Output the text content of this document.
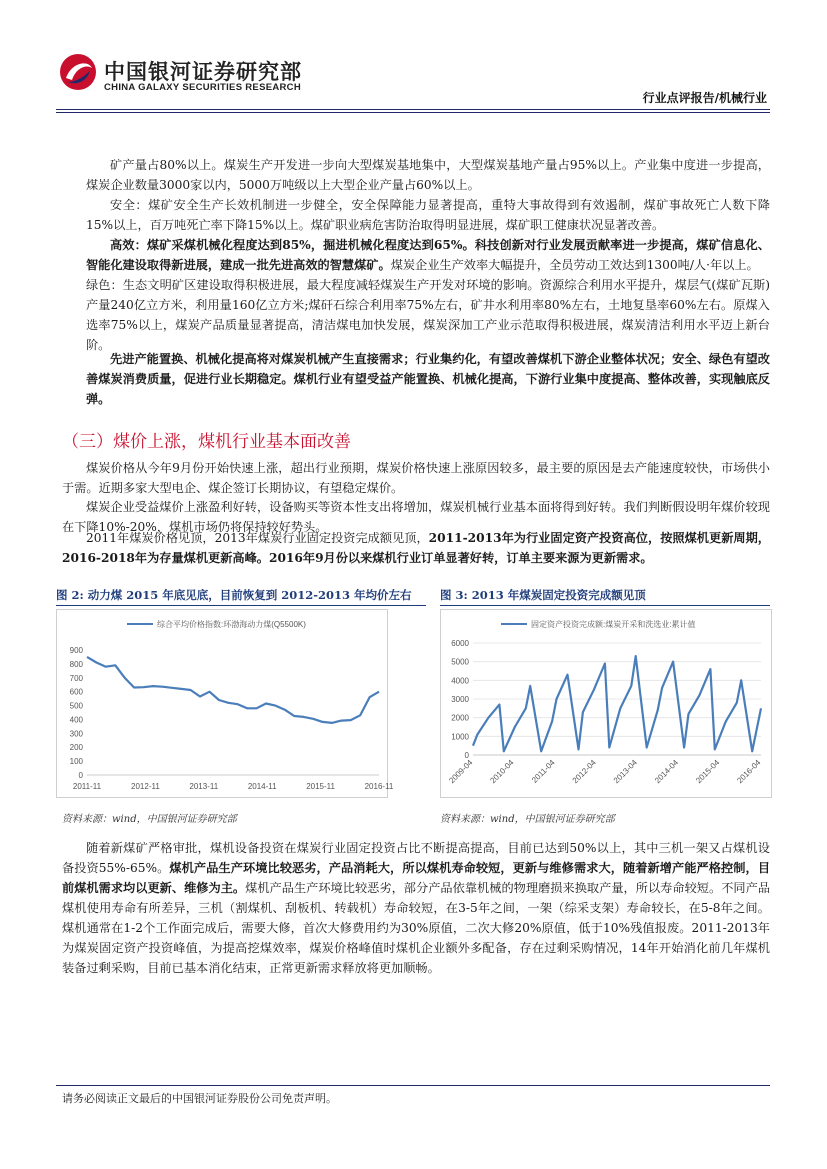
中国银河证券研究部
CHINA GALAXY SECURITIES RESEARCH
行业点评报告/机械行业

矿产量占80%以上。煤炭生产开发进一步向大型煤炭基地集中，大型煤炭基地产量占95%以上。产业集中度进一步提高，煤炭企业数量3000家以内，5000万吨级以上大型企业产量占60%以上。

安全：煤矿安全生产长效机制进一步健全，安全保障能力显著提高，重特大事故得到有效遏制，煤矿事故死亡人数下降15%以上，百万吨死亡率下降15%以上。煤矿职业病危害防治取得明显进展，煤矿职工健康状况显著改善。

高效：煤矿采煤机械化程度达到85%，掘进机械化程度达到65%。科技创新对行业发展贡献率进一步提高，煤矿信息化、智能化建设取得新进展，建成一批先进高效的智慧煤矿。煤炭企业生产效率大幅提升，全员劳动工效达到1300吨/人·年以上。

绿色：生态文明矿区建设取得积极进展，最大程度减轻煤炭生产开发对环境的影响。资源综合利用水平提升，煤层气(煤矿瓦斯)产量240亿立方米，利用量160亿立方米;煤矸石综合利用率75%左右，矿井水利用率80%左右，土地复垦率60%左右。原煤入选率75%以上，煤炭产品质量显著提高，清洁煤电加快发展，煤炭深加工产业示范取得积极进展，煤炭清洁利用水平迈上新台阶。

先进产能置换、机械化提高将对煤炭机械产生直接需求；行业集约化，有望改善煤机下游企业整体状况；安全、绿色有望改善煤炭消费质量，促进行业长期稳定。煤机行业有望受益产能置换、机械化提高，下游行业集中度提高、整体改善，实现触底反弹。

（三）煤价上涨，煤机行业基本面改善

煤炭价格从今年9月份开始快速上涨，超出行业预期，煤炭价格快速上涨原因较多，最主要的原因是去产能速度较快，市场供小于需。近期多家大型电企、煤企签订长期协议，有望稳定煤价。

煤炭企业受益煤价上涨盈利好转，设备购买等资本性支出将增加，煤炭机械行业基本面将得到好转。我们判断假设明年煤价较现在下降10%-20%，煤机市场仍将保持较好势头。

2011年煤炭价格见顶，2013年煤炭行业固定投资完成额见顶，2011-2013年为行业固定资产投资高位，按照煤机更新周期，2016-2018年为存量煤机更新高峰。2016年9月份以来煤机行业订单显著好转，订单主要来源为更新需求。

图 2: 动力煤 2015 年底见底，目前恢复到 2012-2013 年均价左右 图 3: 2013 年煤炭固定投资完成额见顶
综合平均价格指数:环渤海动力煤(Q5500K)
0
100
200
300
400
500
600
700
800
900
2011-11	2012-11	2013-11	2014-11	2015-11	2016-11
固定资产投资完成额:煤炭开采和洗选业:累计值
0
1000
2000
3000
4000
5000
6000
2009-04 2010-04 2011-04 2012-04 2013-04 2014-04 2015-04 2016-04
资料来源：wind，中国银河证券研究部	资料来源：wind，中国银河证券研究部

随着新煤矿严格审批，煤机设备投资在煤炭行业固定投资占比不断提高提高，目前已达到50%以上，其中三机一架又占煤机设备投资55%-65%。煤机产品生产环境比较恶劣，产品消耗大，所以煤机寿命较短，更新与维修需求大，随着新增产能严格控制，目前煤机需求均以更新、维修为主。煤机产品生产环境比较恶劣，部分产品依靠机械的物理磨损来换取产量，所以寿命较短。不同产品煤机使用寿命有所差异，三机（割煤机、刮板机、转载机）寿命较短，在3-5年之间，一架（综采支架）寿命较长，在5-8年之间。煤机通常在1-2个工作面完成后，需要大修，首次大修费用约为30%原值，二次大修20%原值，低于10%残值报废。2011-2013年为煤炭固定资产投资峰值，为提高挖煤效率，煤炭价格峰值时煤机企业额外多配备，存在过剩采购情况，14年开始消化前几年煤机装备过剩采购，目前已基本消化结束，正常更新需求释放将更加顺畅。

请务必阅读正文最后的中国银河证券股份公司免责声明。
